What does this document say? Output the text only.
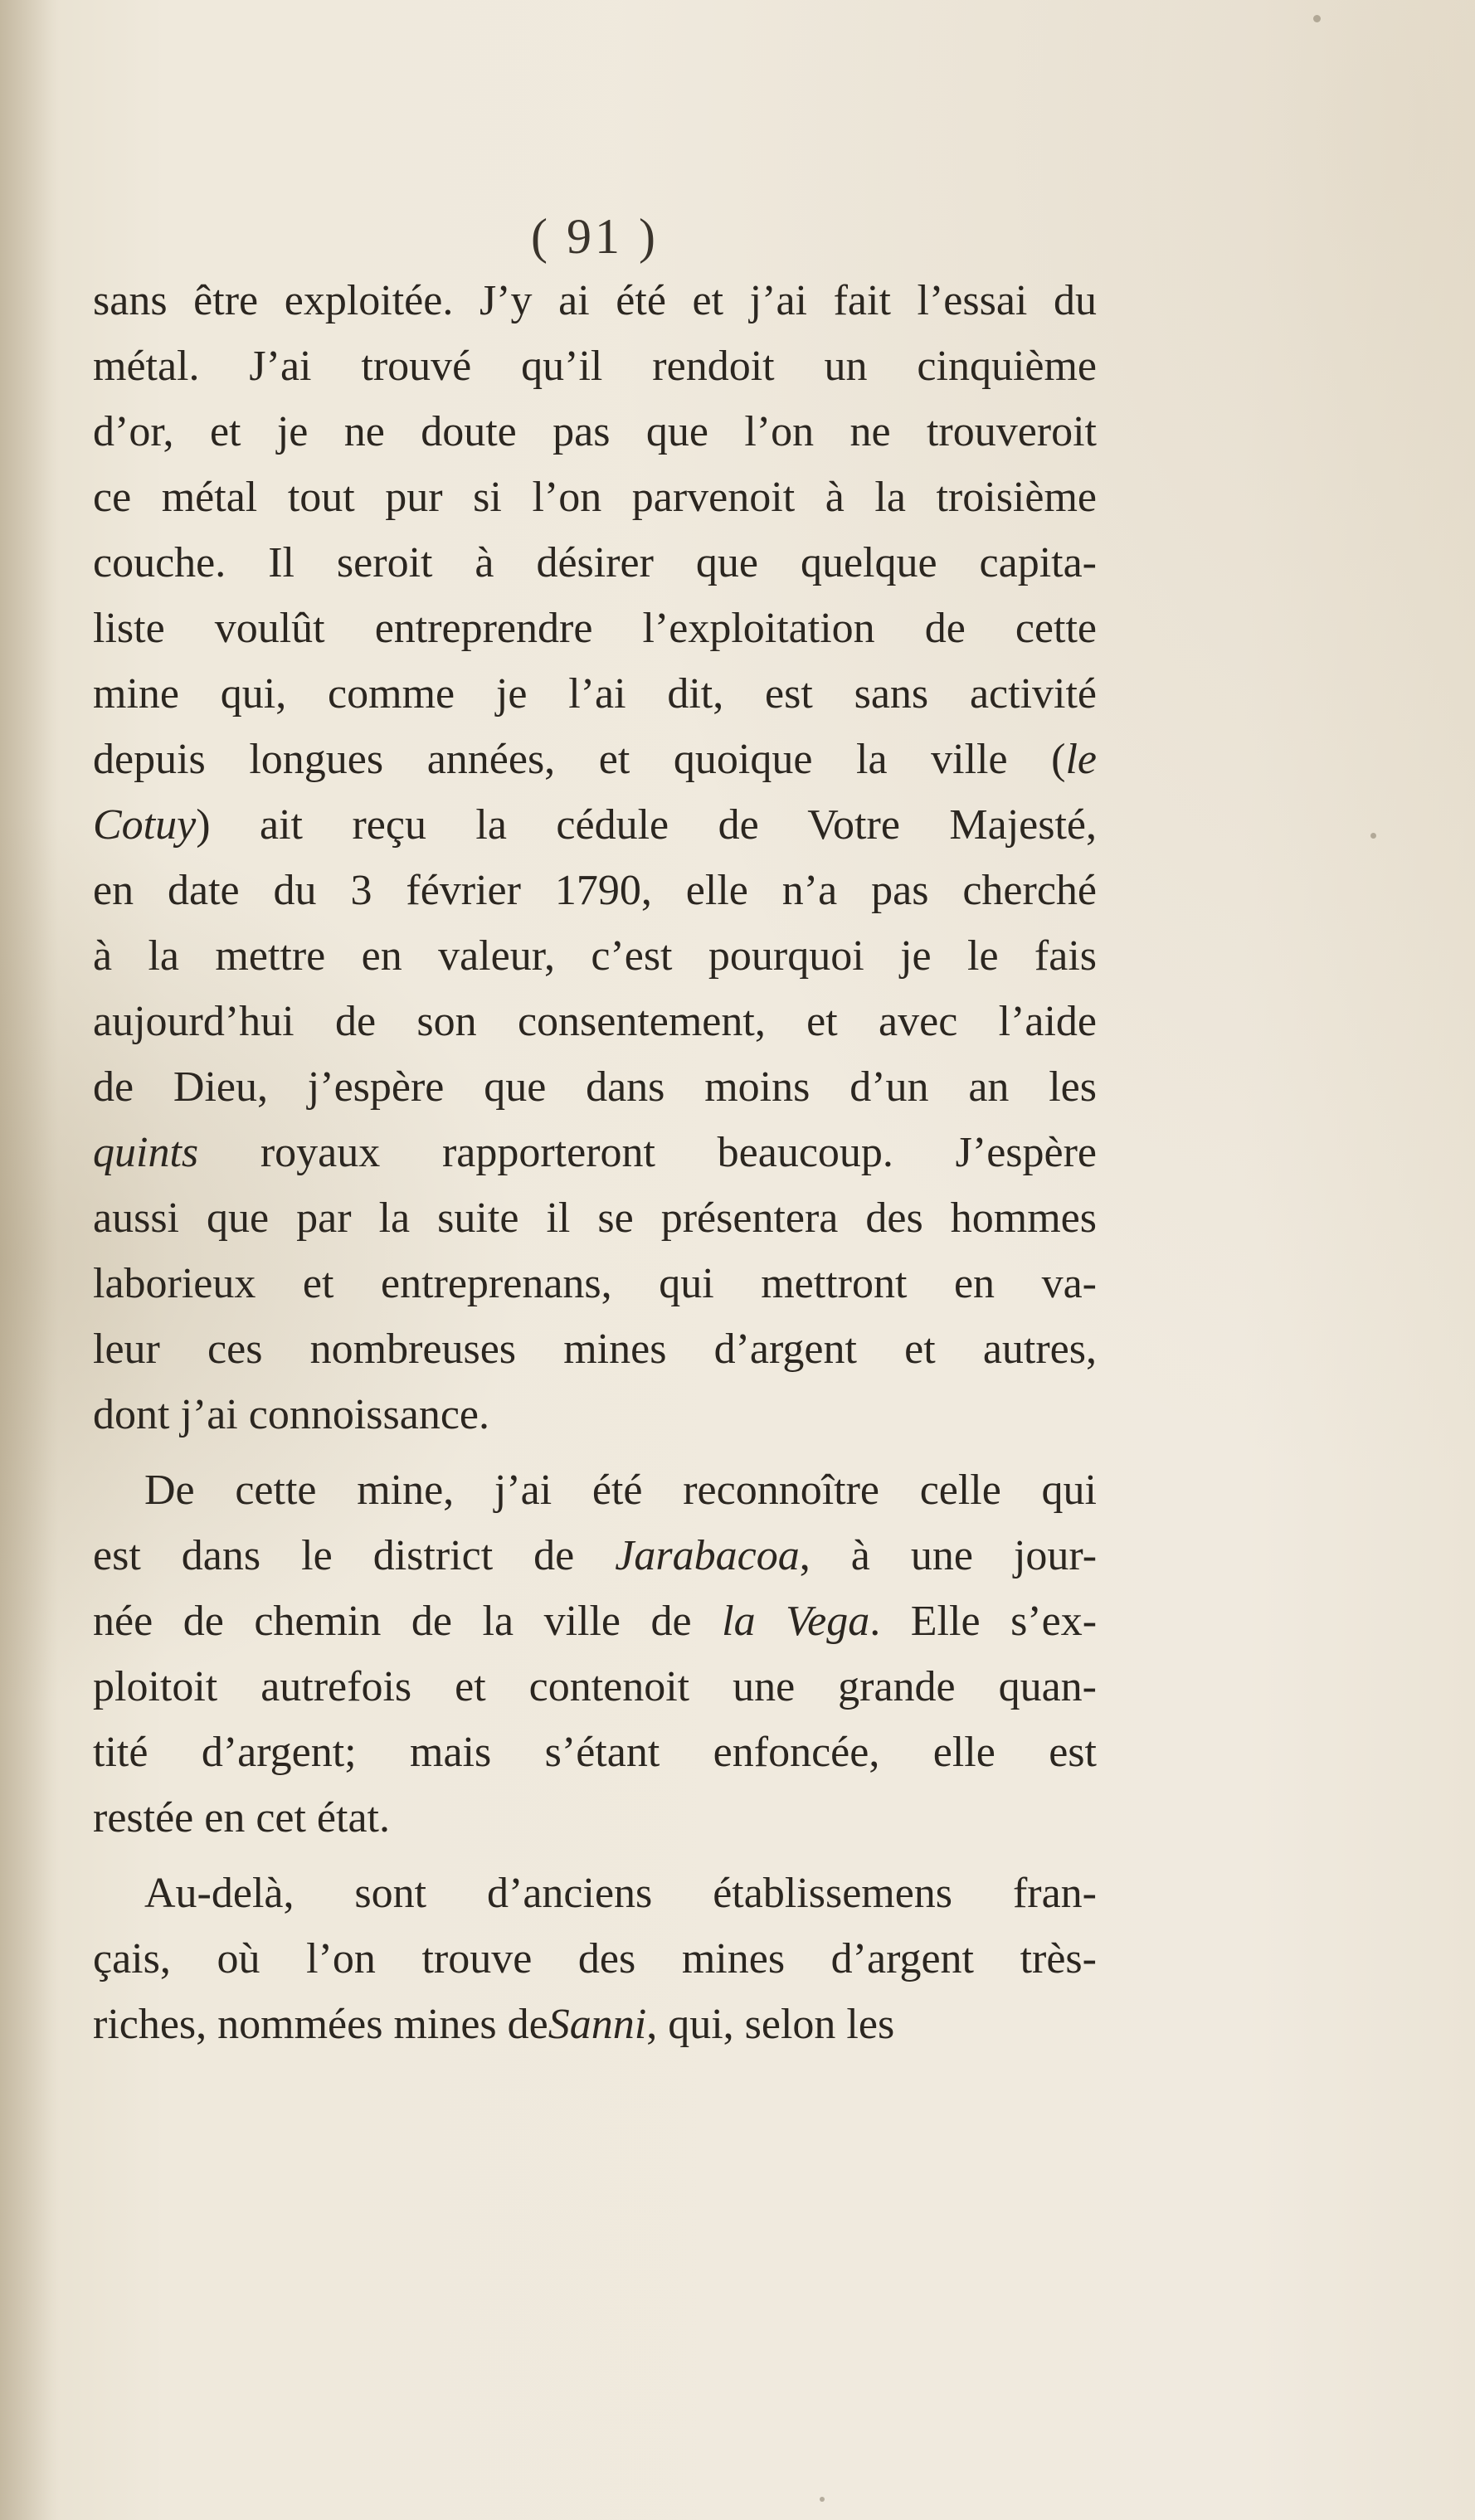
( 91 )
sans être exploitée. J’y ai été et j’ai fait l’essai du
métal. J’ai trouvé qu’il rendoit un cinquième
d’or, et je ne doute pas que l’on ne trouveroit
ce métal tout pur si l’on parvenoit à la troisième
couche. Il seroit à désirer que quelque capita-
liste voulût entreprendre l’exploitation de cette
mine qui, comme je l’ai dit, est sans activité
depuis longues années, et quoique la ville (le
Cotuy) ait reçu la cédule de Votre Majesté,
en date du 3 février 1790, elle n’a pas cherché
à la mettre en valeur, c’est pourquoi je le fais
aujourd’hui de son consentement, et avec l’aide
de Dieu, j’espère que dans moins d’un an les
quints royaux rapporteront beaucoup. J’espère
aussi que par la suite il se présentera des hommes
laborieux et entreprenans, qui mettront en va-
leur ces nombreuses mines d’argent et autres,
dont j’ai connoissance.
De cette mine, j’ai été reconnoître celle qui
est dans le district de Jarabacoa, à une jour-
née de chemin de la ville de la Vega. Elle s’ex-
ploitoit autrefois et contenoit une grande quan-
tité d’argent; mais s’étant enfoncée, elle est
restée en cet état.
Au-delà, sont d’anciens établissemens fran-
çais, où l’on trouve des mines d’argent très-
riches, nommées mines deSanni, qui, selon les
